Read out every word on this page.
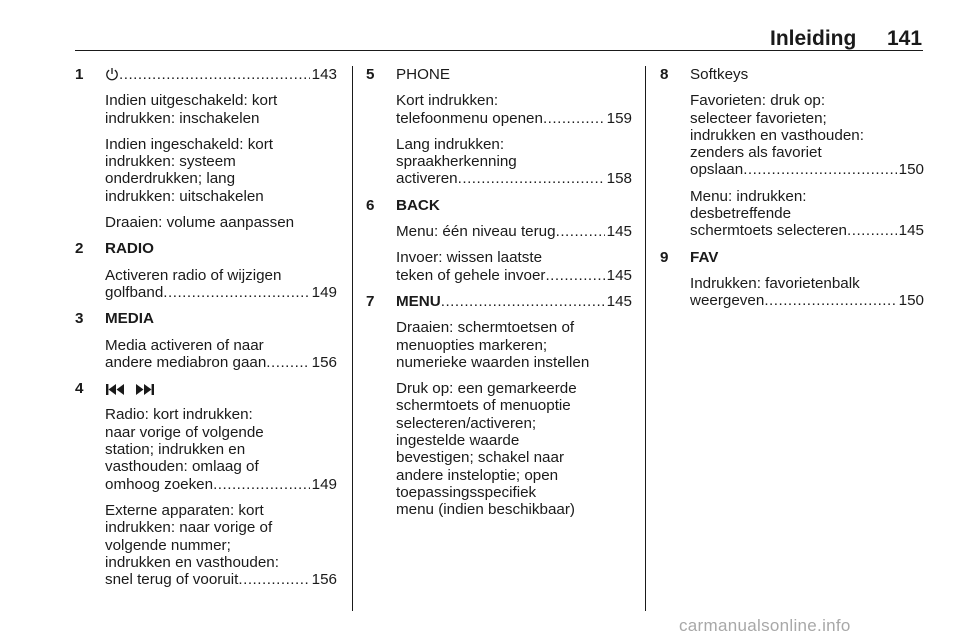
Inleiding 141
1 .....	143
Indien uitgeschakeld: kort
indrukken: inschakelen
Indien ingeschakeld: kort
indrukken: systeem
onderdrukken; lang
indrukken: uitschakelen
Draaien: volume aanpassen
2 RADIO
Activeren radio of wijzigen
golfband .....	149
3 MEDIA
Media activeren of naar
andere mediabron gaan .....	156
4

Radio: kort indrukken:
naar vorige of volgende
station; indrukken en
vasthouden: omlaag of
omhoog zoeken .....	149
Externe apparaten: kort
indrukken: naar vorige of
volgende nummer;
indrukken en vasthouden:
snel terug of vooruit .....	156
5 PHONE
Kort indrukken:
telefoonmenu openen .....	159
Lang indrukken:
spraakherkenning
activeren .....	158
6 BACK
Menu: één niveau terug .....	145
Invoer: wissen laatste
teken of gehele invoer .....	145
7 MENU .....	145
Draaien: schermtoetsen of
menuopties markeren;
numerieke waarden instellen
Druk op: een gemarkeerde
schermtoets of menuoptie
selecteren/activeren;
ingestelde waarde
bevestigen; schakel naar
andere insteloptie; open
toepassingsspecifiek
menu (indien beschikbaar)
8 Softkeys
Favorieten: druk op:
selecteer favorieten;
indrukken en vasthouden:
zenders als favoriet
opslaan .....	150
Menu: indrukken:
desbetreffende
schermtoets selecteren .....	145
9 FAV
Indrukken: favorietenbalk
weergeven .....	150
carmanualsonline.info
